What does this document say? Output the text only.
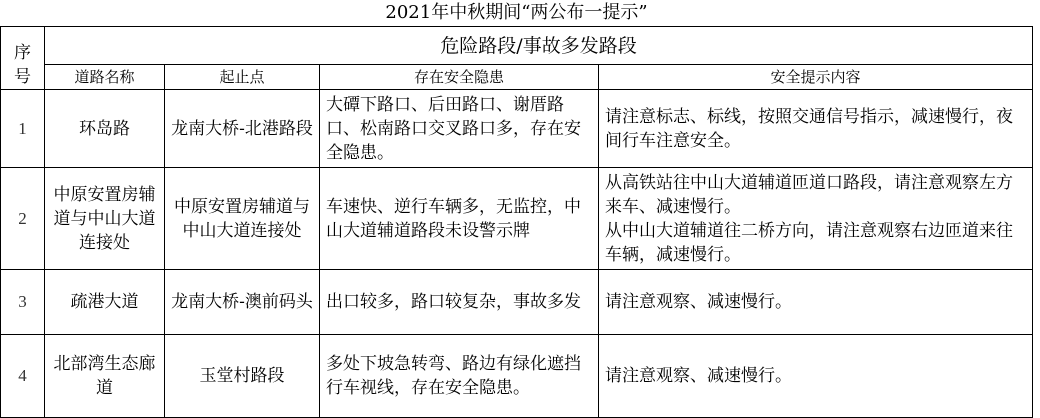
2021年中秋期间“两公布一提示”				
序号	危险路段/事故多发路段			
	道路名称	起止点	存在安全隐患	安全提示内容
1	环岛路	龙南大桥-北港路段	大磹下路口、后田路口、谢厝路口、松南路口交叉路口多，存在安全隐患。	请注意标志、标线，按照交通信号指示，减速慢行，夜间行车注意安全。
2	中原安置房辅道与中山大道连接处	中原安置房辅道与中山大道连接处	车速快、逆行车辆多，无监控，中山大道辅道路段未设警示牌	从高铁站往中山大道辅道匝道口路段，请注意观察左方来车、减速慢行。
从中山大道辅道往二桥方向，请注意观察右边匝道来往车辆，减速慢行。

3	疏港大道	龙南大桥-澳前码头	出口较多，路口较复杂，事故多发	请注意观察、减速慢行。
4	北部湾生态廊道	玉堂村路段	多处下坡急转弯、路边有绿化遮挡行车视线，存在安全隐患。	请注意观察、减速慢行。
